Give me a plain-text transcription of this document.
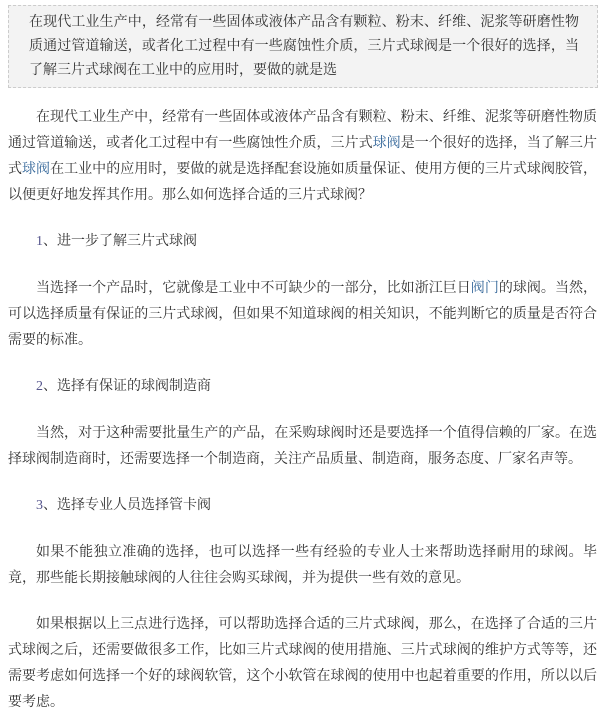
在现代工业生产中，经常有一些固体或液体产品含有颗粒、粉末、纤维、泥浆等研磨性物质通过管道输送，或者化工过程中有一些腐蚀性介质，三片式球阀是一个很好的选择，当了解三片式球阀在工业中的应用时，要做的就是选

在现代工业生产中，经常有一些固体或液体产品含有颗粒、粉末、纤维、泥浆等研磨性物质通过管道输送，或者化工过程中有一些腐蚀性介质，三片式球阀是一个很好的选择，当了解三片式球阀在工业中的应用时，要做的就是选择配套设施如质量保证、使用方便的三片式球阀胶管，以便更好地发挥其作用。那么如何选择合适的三片式球阀？

1、进一步了解三片式球阀

当选择一个产品时，它就像是工业中不可缺少的一部分，比如浙江巨日阀门的球阀。当然，可以选择质量有保证的三片式球阀，但如果不知道球阀的相关知识，不能判断它的质量是否符合需要的标准。

2、选择有保证的球阀制造商

当然，对于这种需要批量生产的产品，在采购球阀时还是要选择一个值得信赖的厂家。在选择球阀制造商时，还需要选择一个制造商，关注产品质量、制造商，服务态度、厂家名声等。

3、选择专业人员选择管卡阀

如果不能独立准确的选择，也可以选择一些有经验的专业人士来帮助选择耐用的球阀。毕竟，那些能长期接触球阀的人往往会购买球阀，并为提供一些有效的意见。

如果根据以上三点进行选择，可以帮助选择合适的三片式球阀，那么，在选择了合适的三片式球阀之后，还需要做很多工作，比如三片式球阀的使用措施、三片式球阀的维护方式等等，还需要考虑如何选择一个好的球阀软管，这个小软管在球阀的使用中也起着重要的作用，所以以后要考虑。
